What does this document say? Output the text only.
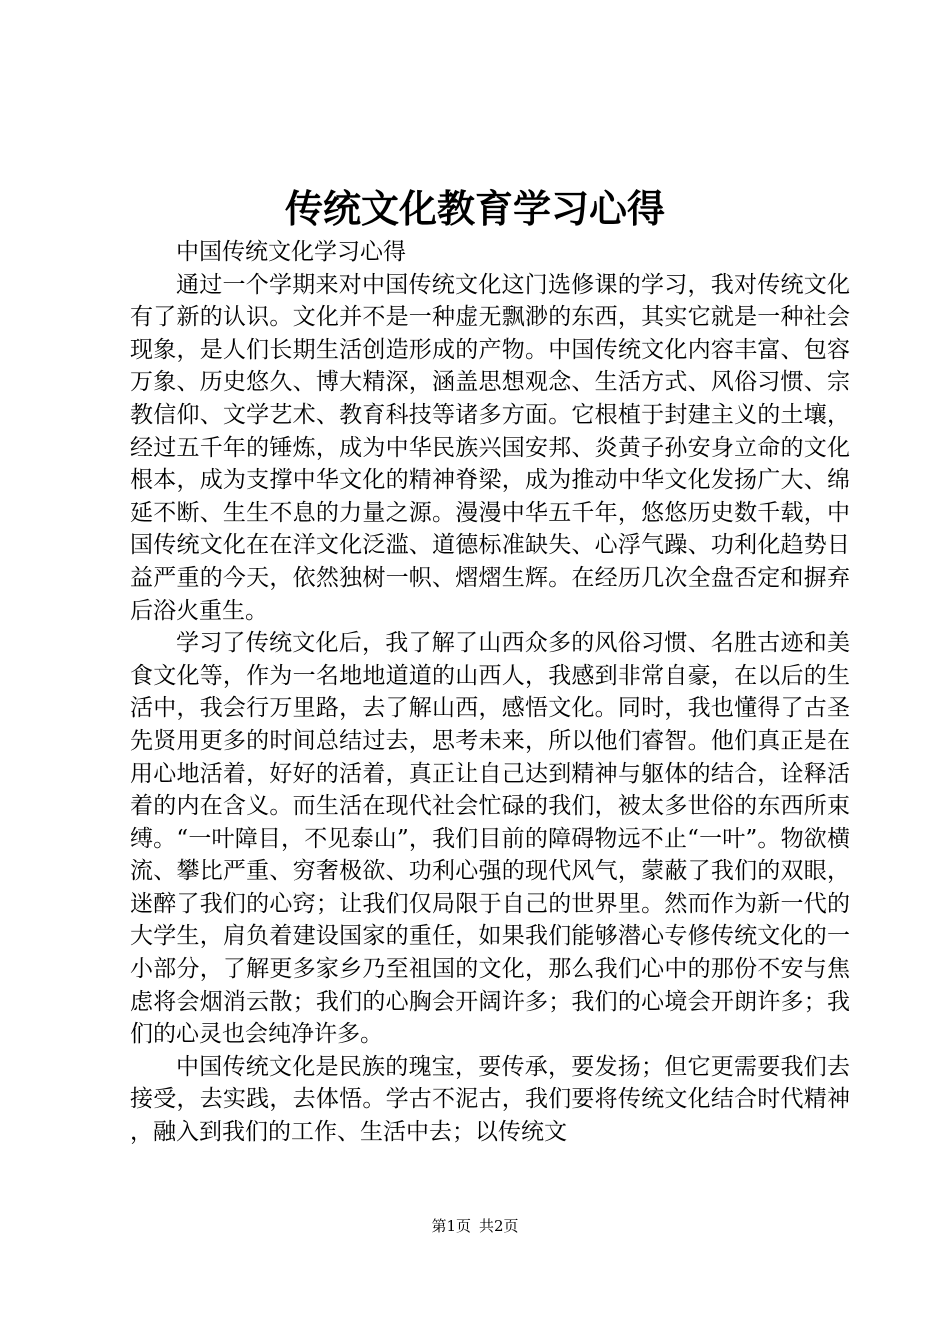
传统文化教育学习心得

中国传统文化学习心得

通过一个学期来对中国传统文化这门选修课的学习，我对传统文化有了新的认识。文化并不是一种虚无飘渺的东西，其实它就是一种社会现象，是人们长期生活创造形成的产物。中国传统文化内容丰富、包容万象、历史悠久、博大精深，涵盖思想观念、生活方式、风俗习惯、宗教信仰、文学艺术、教育科技等诸多方面。它根植于封建主义的土壤，经过五千年的锤炼，成为中华民族兴国安邦、炎黄子孙安身立命的文化根本，成为支撑中华文化的精神脊梁，成为推动中华文化发扬广大、绵延不断、生生不息的力量之源。漫漫中华五千年，悠悠历史数千载，中国传统文化在在洋文化泛滥、道德标准缺失、心浮气躁、功利化趋势日益严重的今天，依然独树一帜、熠熠生辉。在经历几次全盘否定和摒弃后浴火重生。

学习了传统文化后，我了解了山西众多的风俗习惯、名胜古迹和美食文化等，作为一名地地道道的山西人，我感到非常自豪，在以后的生活中，我会行万里路，去了解山西，感悟文化。同时，我也懂得了古圣先贤用更多的时间总结过去，思考未来，所以他们睿智。他们真正是在用心地活着，好好的活着，真正让自己达到精神与躯体的结合，诠释活着的内在含义。而生活在现代社会忙碌的我们，被太多世俗的东西所束缚。“一叶障目，不见泰山”，我们目前的障碍物远不止“一叶”。物欲横流、攀比严重、穷奢极欲、功利心强的现代风气，蒙蔽了我们的双眼，迷醉了我们的心窍；让我们仅局限于自己的世界里。然而作为新一代的大学生，肩负着建设国家的重任，如果我们能够潜心专修传统文化的一小部分，了解更多家乡乃至祖国的文化，那么我们心中的那份不安与焦虑将会烟消云散；我们的心胸会开阔许多；我们的心境会开朗许多；我们的心灵也会纯净许多。

中国传统文化是民族的瑰宝，要传承，要发扬；但它更需要我们去接受，去实践，去体悟。学古不泥古，我们要将传统文化结合时代精神，融入到我们的工作、生活中去；以传统文

第1页 共2页
